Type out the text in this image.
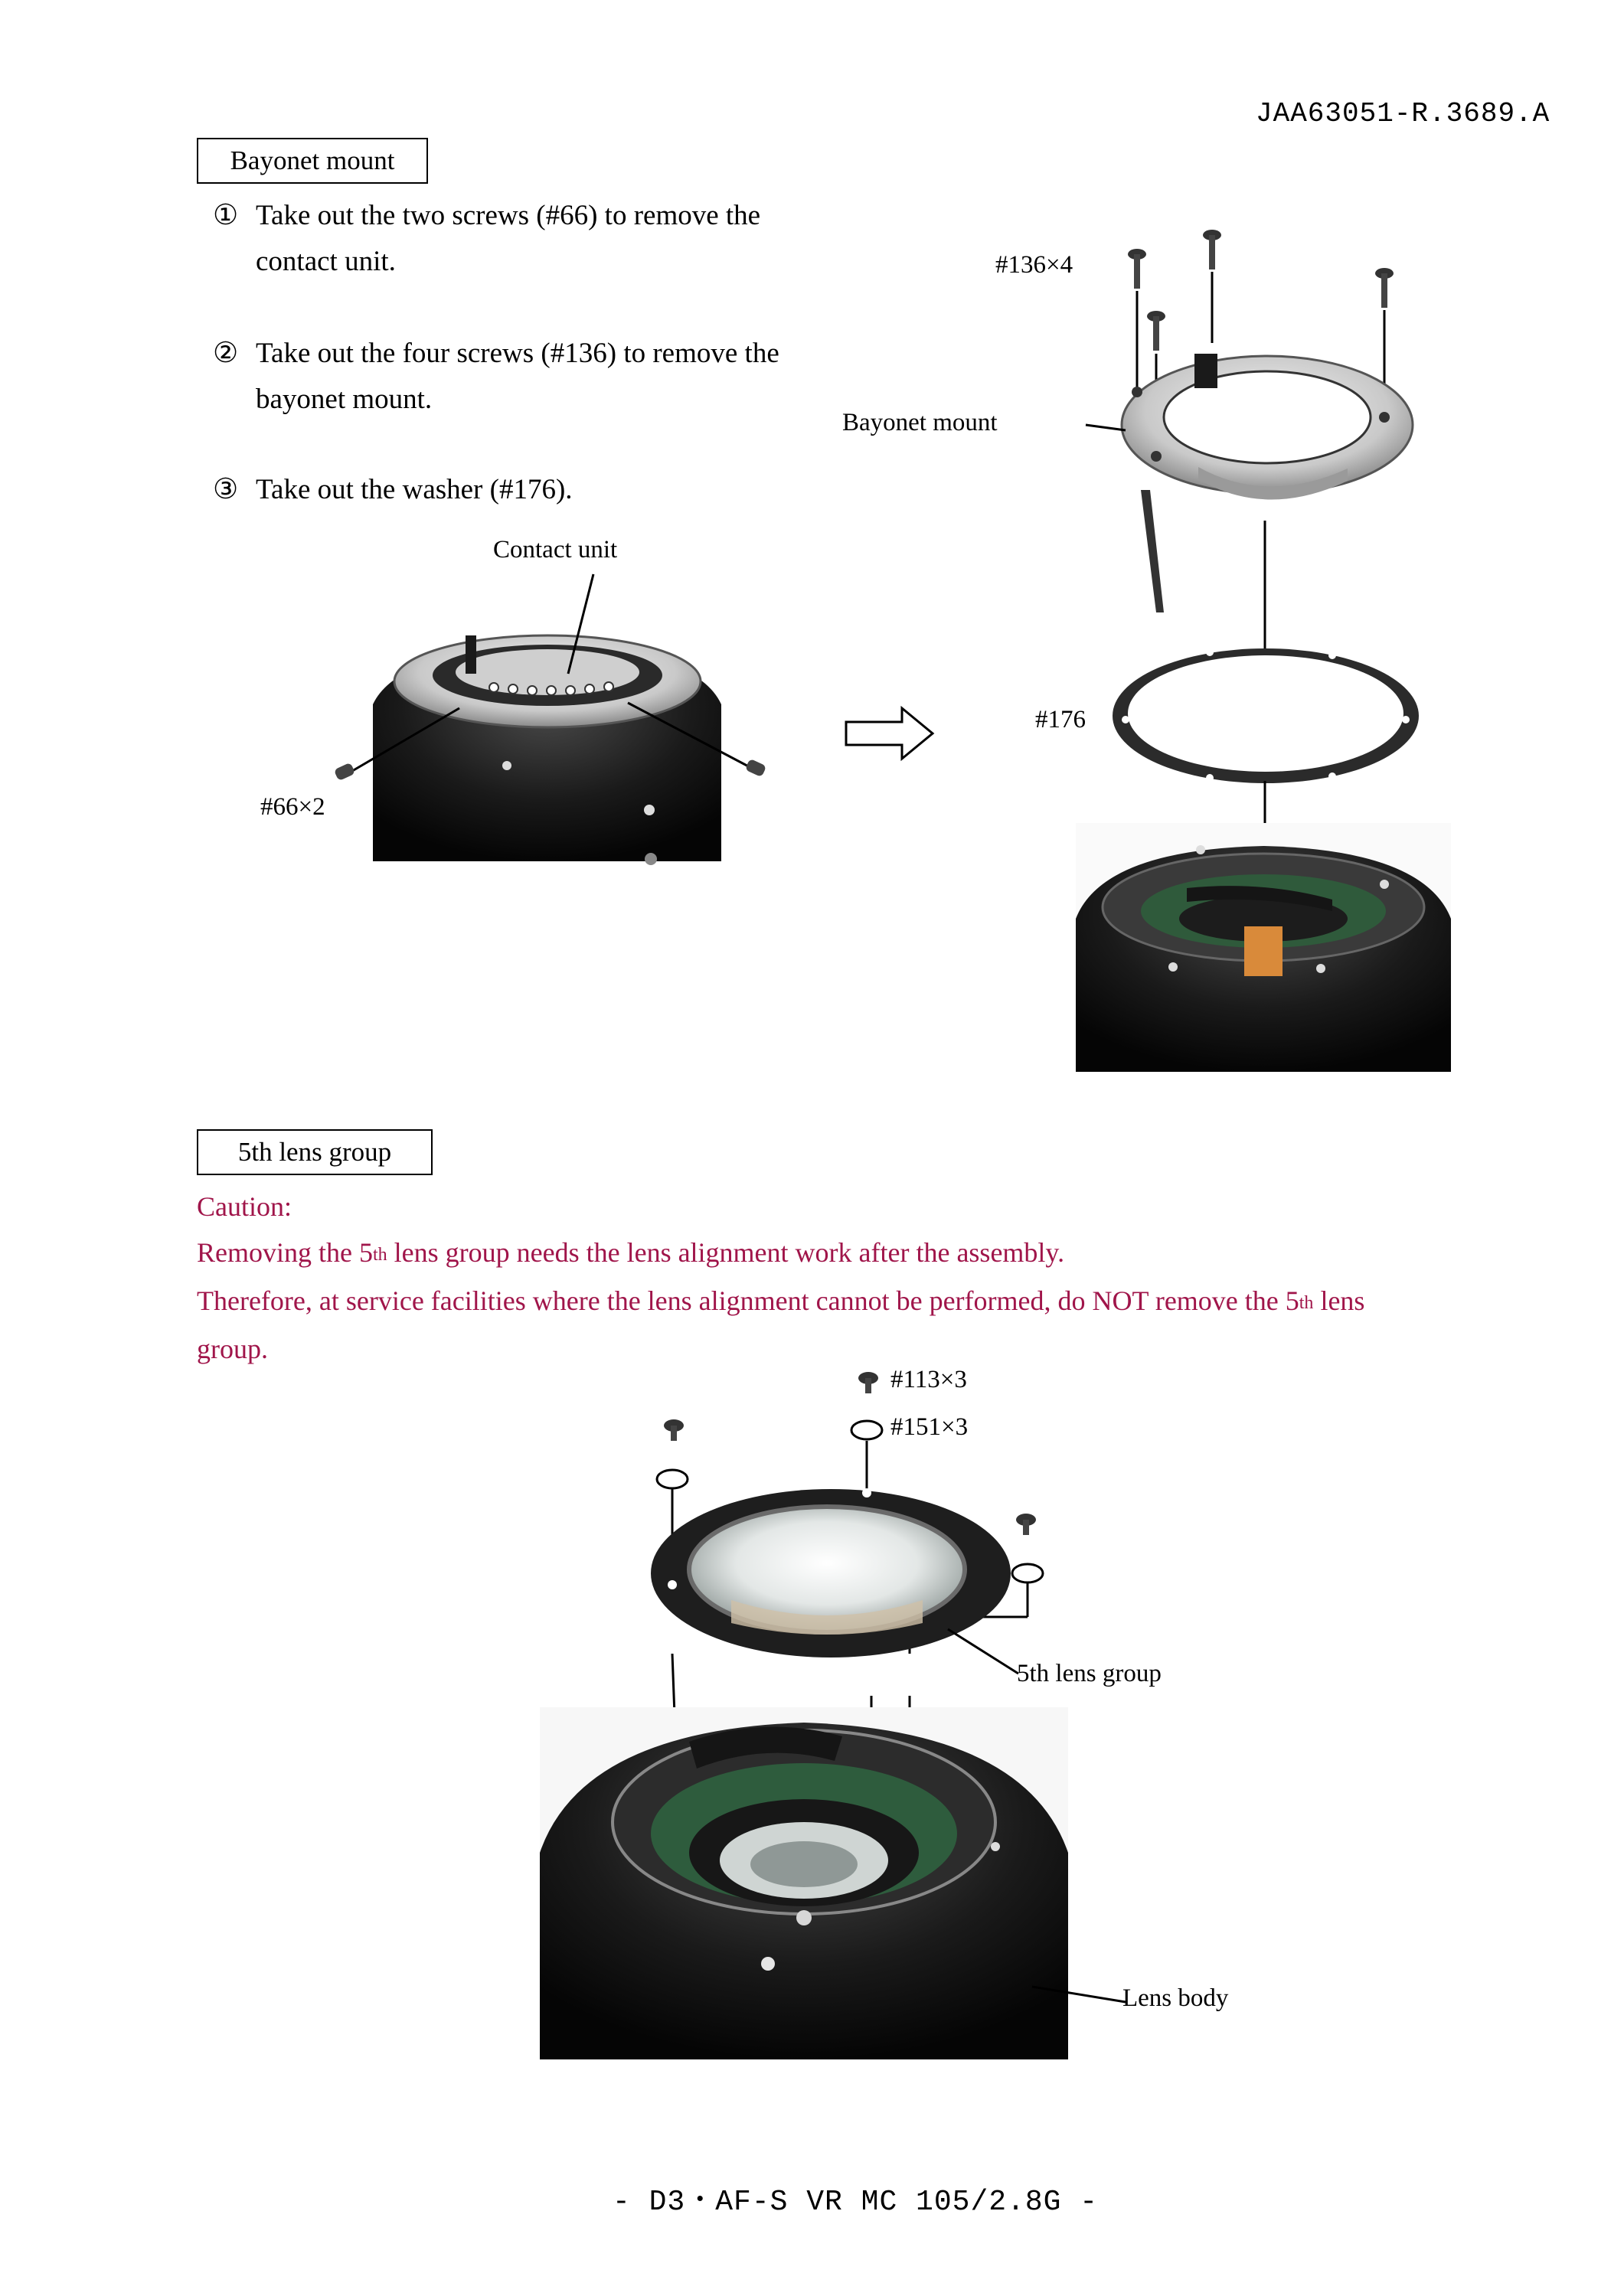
JAA63051-R.3689.A
Bayonet mount
① Take out the two screws (#66) to remove the
contact unit.
② Take out the four screws (#136) to remove the
bayonet mount.
③ Take out the washer (#176).
Contact unit
#66×2
#136×4
Bayonet mount
#176
5th lens group
Caution:
Removing the 5th lens group needs the lens alignment work after the assembly.
Therefore, at service facilities where the lens alignment cannot be performed, do NOT remove the 5th lens
group.
#113×3
#151×3
5th lens group
Lens body
- D3・AF-S VR MC 105/2.8G -
